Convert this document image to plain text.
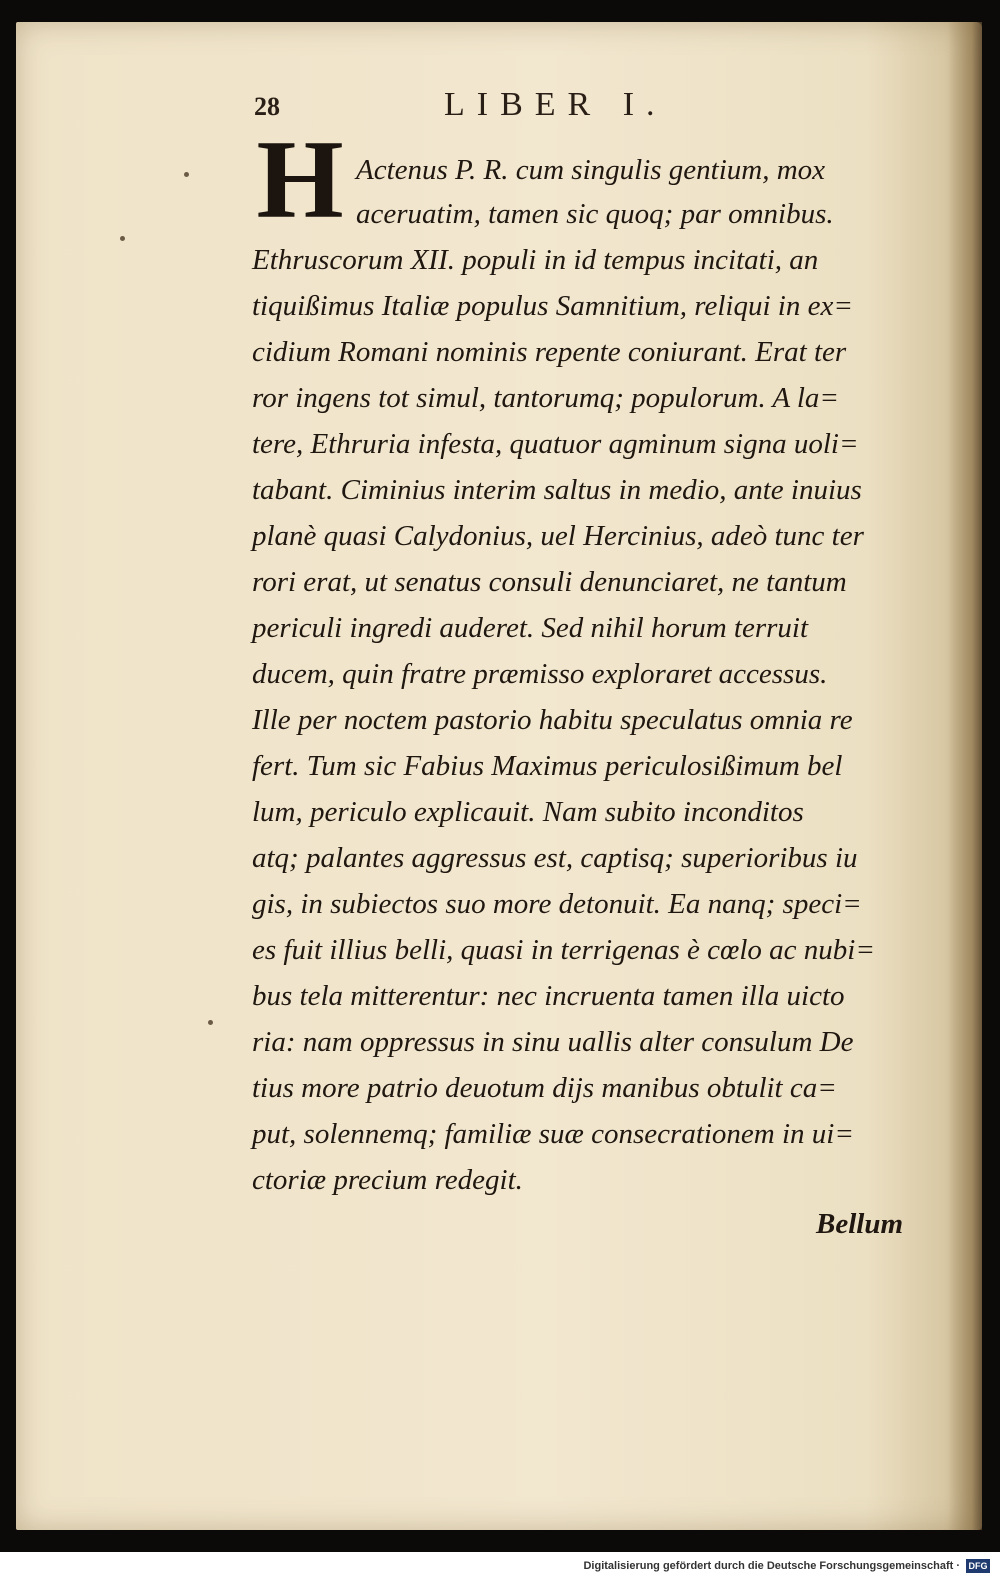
28	LIBER I.
H Actenus P. R. cum singulis gentium, mox
aceruatim, tamen sic quoq; par omnibus.
Ethruscorum XII. populi in id tempus incitati, an
tiquißimus Italiæ populus Samnitium, reliqui in ex=
cidium Romani nominis repente coniurant. Erat ter
ror ingens tot simul, tantorumq; populorum. A la=
tere, Ethruria infesta, quatuor agminum signa uoli=
tabant. Ciminius interim saltus in medio, ante inuius
planè quasi Calydonius, uel Hercinius, adeò tunc ter
rori erat, ut senatus consuli denunciaret, ne tantum
periculi ingredi auderet. Sed nihil horum terruit
ducem, quin fratre præmisso exploraret accessus.
Ille per noctem pastorio habitu speculatus omnia re
fert. Tum sic Fabius Maximus periculosißimum bel
lum, periculo explicauit. Nam subito inconditos
atq; palantes aggressus est, captisq; superioribus iu
gis, in subiectos suo more detonuit. Ea nanq; speci=
es fuit illius belli, quasi in terrigenas è cœlo ac nubi=
bus tela mitterentur: nec incruenta tamen illa uicto
ria: nam oppressus in sinu uallis alter consulum De
tius more patrio deuotum dijs manibus obtulit ca=
put, solennemq; familiæ suæ consecrationem in ui=
ctoriæ precium redegit.
Bellum
Digitalisierung gefördert durch die Deutsche Forschungsgemeinschaft · DFG
